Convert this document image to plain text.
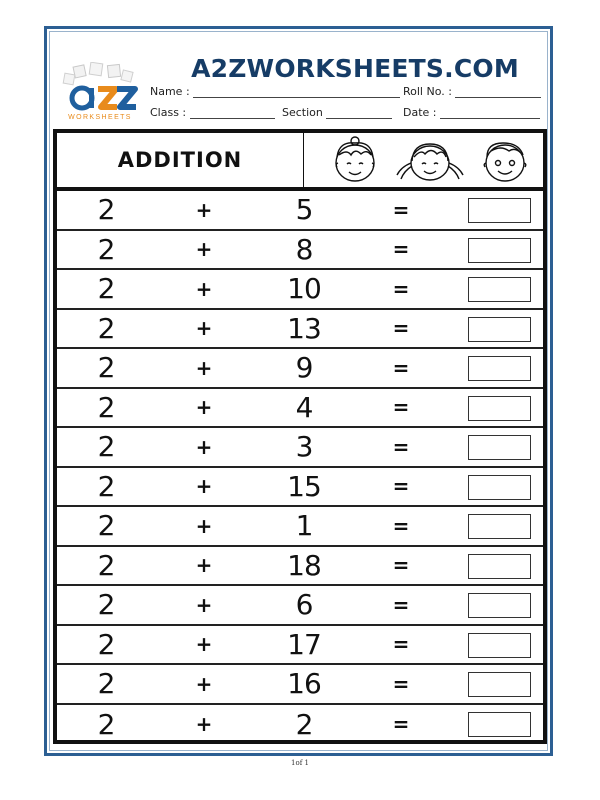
WORKSHEETS
A2ZWORKSHEETS.COM
Name :	Roll No. :
Class :	Section	Date :
ADDITION
2	+	5	=
2	+	8	=
2	+	10	=
2	+	13	=
2	+	9	=
2	+	4	=
2	+	3	=
2	+	15	=
2	+	1	=
2	+	18	=
2	+	6	=
2	+	17	=
2	+	16	=
2	+	2	=
1of 1
